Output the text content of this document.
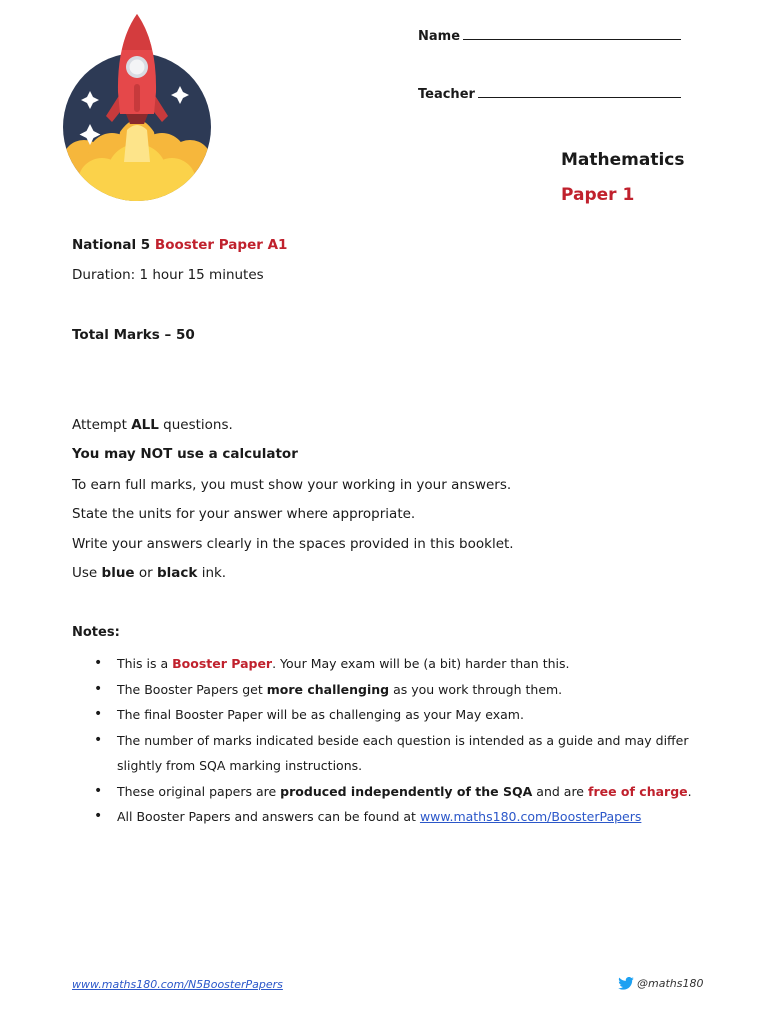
Name
Teacher
Mathematics
Paper 1
National 5 Booster Paper A1
Duration: 1 hour 15 minutes
Total Marks – 50
Attempt ALL questions.
You may NOT use a calculator
To earn full marks, you must show your working in your answers.
State the units for your answer where appropriate.
Write your answers clearly in the spaces provided in this booklet.
Use blue or black ink.
Notes:
• This is a Booster Paper. Your May exam will be (a bit) harder than this.
• The Booster Papers get more challenging as you work through them.
• The final Booster Paper will be as challenging as your May exam.
• The number of marks indicated beside each question is intended as a guide and may differ
slightly from SQA marking instructions.
• These original papers are produced independently of the SQA and are free of charge.
• All Booster Papers and answers can be found at www.maths180.com/BoosterPapers
www.maths180.com/N5BoosterPapers	@maths180
